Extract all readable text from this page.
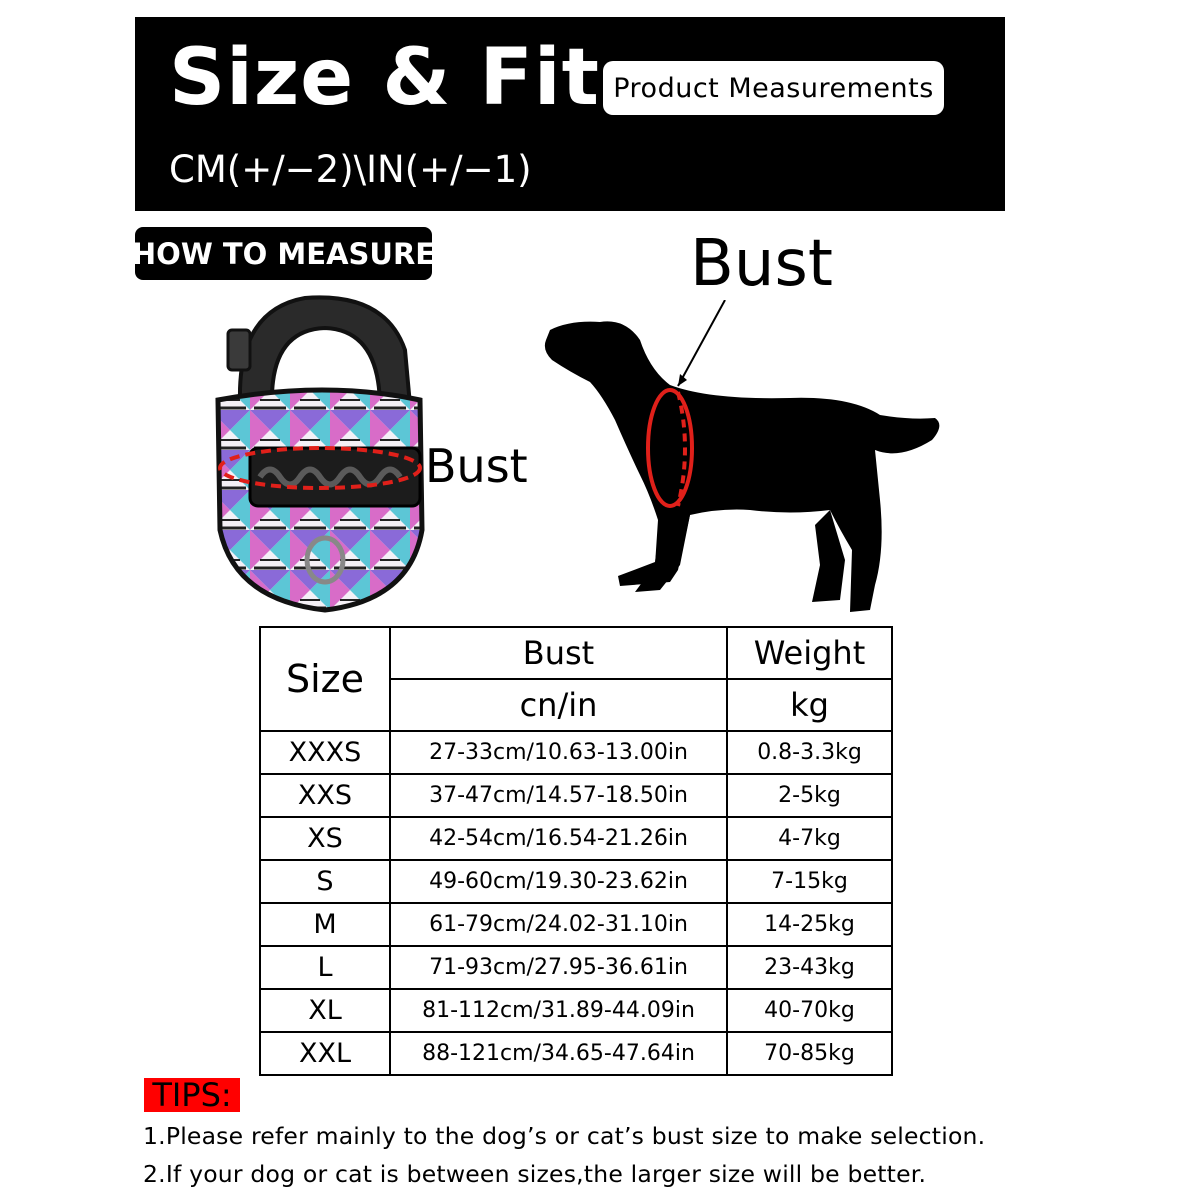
Size & Fit Product Measurements
CM(+/−2)\IN(+/−1)
HOW TO MEASURE
Bust
Bust
Size	Bust	Weight
	cn/in	kg
XXXS	27-33cm/10.63-13.00in	0.8-3.3kg
XXS	37-47cm/14.57-18.50in	2-5kg
XS	42-54cm/16.54-21.26in	4-7kg
S	49-60cm/19.30-23.62in	7-15kg
M	61-79cm/24.02-31.10in	14-25kg
L	71-93cm/27.95-36.61in	23-43kg
XL	81-112cm/31.89-44.09in	40-70kg
XXL	88-121cm/34.65-47.64in	70-85kg
TIPS:
1.Please refer mainly to the dog’s or cat’s bust size to make selection.
2.If your dog or cat is between sizes,the larger size will be better.
